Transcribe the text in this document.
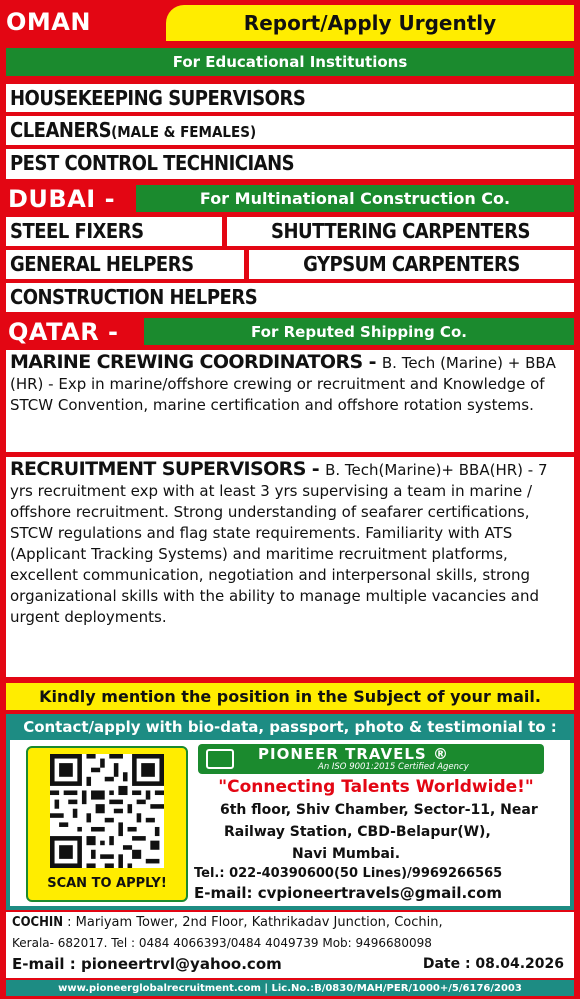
OMAN	Report/Apply Urgently
For Educational Institutions
HOUSEKEEPING SUPERVISORS
CLEANERS(MALE & FEMALES)
PEST CONTROL TECHNICIANS
DUBAI -	For Multinational Construction Co.
STEEL FIXERS	SHUTTERING CARPENTERS
GENERAL HELPERS	GYPSUM CARPENTERS
CONSTRUCTION HELPERS
QATAR -	For Reputed Shipping Co.
MARINE CREWING COORDINATORS - B. Tech (Marine) + BBA (HR) - Exp in marine/offshore crewing or recruitment and Knowledge of STCW Convention, marine certification and offshore rotation systems.
RECRUITMENT SUPERVISORS - B. Tech(Marine)+ BBA(HR) - 7 yrs recruitment exp with at least 3 yrs supervising a team in marine / offshore recruitment. Strong understanding of seafarer certifications, STCW regulations and flag state requirements. Familiarity with ATS (Applicant Tracking Systems) and maritime recruitment platforms, excellent communication, negotiation and interpersonal skills, strong organizational skills with the ability to manage multiple vacancies and urgent deployments.
Kindly mention the position in the Subject of your mail.
Contact/apply with bio-data, passport, photo & testimonial to :
SCAN TO APPLY!
PIONEER TRAVELS ®
An ISO 9001:2015 Certified Agency
"Connecting Talents Worldwide!"
6th floor, Shiv Chamber, Sector-11, Near
Railway Station, CBD-Belapur(W),
Navi Mumbai.
Tel.: 022-40390600(50 Lines)/9969266565
E-mail: cvpioneertravels@gmail.com
COCHIN : Mariyam Tower, 2nd Floor, Kathrikadav Junction, Cochin,
Kerala- 682017. Tel : 0484 4066393/0484 4049739 Mob: 9496680098
E-mail : pioneertrvl@yahoo.com	Date : 08.04.2026
www.pioneerglobalrecruitment.com | Lic.No.:B/0830/MAH/PER/1000+/5/6176/2003
